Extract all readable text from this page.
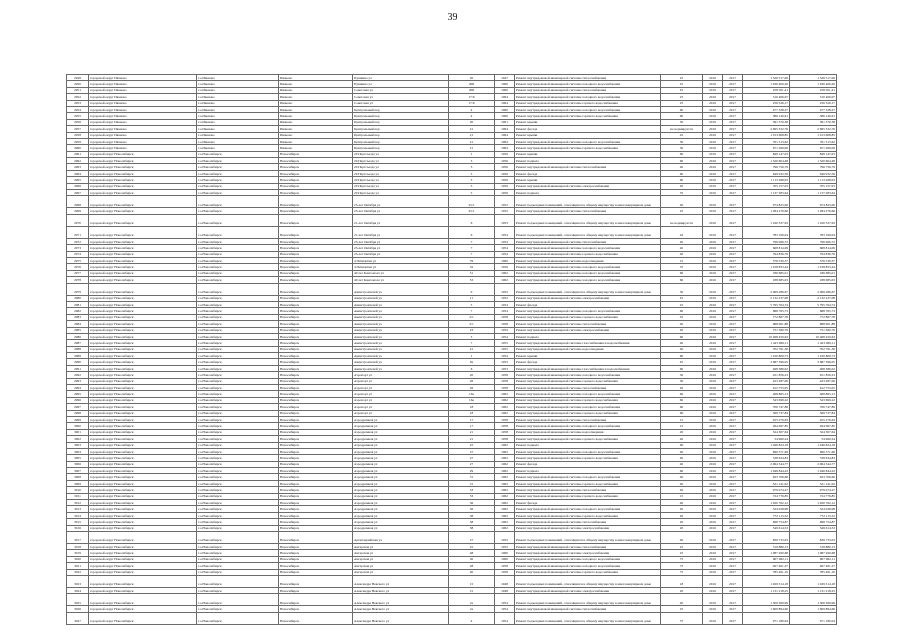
39
2949	городской округ Иваново	г.о.Иваново	Иваново	Пушкина ул	20	1947	Ремонт внутридомовой инженерной системы теплоснабжения	25	2016	2017	1 526 517,06	1 526 517,06
2950	городской округ Иваново	г.о.Иваново	Иваново	Пушкина ул	20Б	1960	Ремонт внутридомовой инженерной системы холодного водоснабжения	25	2016	2017	1 636 406,26	1 636 406,26
2951	городской округ Иваново	г.о.Иваново	Иваново	Советская ул	20Б	1960	Ремонт внутридомовой инженерной системы теплоснабжения	25	2016	2017	258 501,41	258 501,41
2952	городской округ Иваново	г.о.Иваново	Иваново	Советская ул	17/6	1964	Ремонт внутридомовой инженерной системы холодного водоснабжения	25	2016	2017	310 406,07	310 406,07
2953	городской округ Иваново	г.о.Иваново	Иваново	Советская ул	17/6	1964	Ремонт внутридомовой инженерной системы горячего водоснабжения	25	2016	2017	256 526,17	256 526,17
2954	городской округ Иваново	г.о.Иваново	Иваново	Центральный пер	4	1960	Ремонт внутридомовой инженерной системы холодного водоснабжения	60	2016	2017	477 328,27	477 328,27
2955	городской округ Иваново	г.о.Иваново	Иваново	Центральный пер	4	1960	Ремонт внутридомовой инженерной системы горячего водоснабжения	60	2016	2017	386 140,61	386 140,61
2956	городской округ Иваново	г.о.Иваново	Иваново	Центральный пер	20	1961	Ремонт крыши	50	2016	2017	391 370,38	391 370,38
2957	городской округ Иваново	г.о.Иваново	Иваново	Центральный пер	21	1964	Ремонт фасада	не нормируется	2016	2017	2 695 332,76	2 695 332,76
2958	городской округ Иваново	г.о.Иваново	Иваново	Центральный пер	21	1964	Ремонт крыши	45	2016	2017	1 013 608,85	1 013 608,85
2959	городской округ Иваново	г.о.Иваново	Иваново	Центральный пер	21	1964	Ремонт внутридомовой инженерной системы холодного водоснабжения	50	2016	2017	761 313,62	761 313,62
2960	городской округ Иваново	г.о.Иваново	Иваново	Центральный пер	21	1964	Ремонт внутридомовой инженерной системы горячего водоснабжения	50	2016	2017	671 269,09	671 269,09
2961	городской округ Новосибирск	г.о.Новосибирск	Новосибирск	20 Партсъезда ул	1	1956	Ремонт крыши	60	2016	2017	849 147,03	849 147,03
2962	городской округ Новосибирск	г.о.Новосибирск	Новосибирск	20 Партсъезда ул	3	1956	Ремонт подвала	60	2016	2017	1 320 604,48	1 320 604,48
2963	городской округ Новосибирск	г.о.Новосибирск	Новосибирск	20 Партсъезда ул	3	1956	Ремонт внутридомовой инженерной системы теплоснабжения	40	2016	2017	796 756,79	796 756,79
2964	городской округ Новосибирск	г.о.Новосибирск	Новосибирск	20 Партсъезда ул	3	1956	Ремонт фасада	60	2016	2017	649 932,59	649 932,59
2965	городской округ Новосибирск	г.о.Новосибирск	Новосибирск	20 Партсъезда ул	3	1956	Ремонт крыши	60	2016	2017	1 113 268,03	1 113 268,03
2966	городской округ Новосибирск	г.о.Новосибирск	Новосибирск	20 Партсъезда ул	5	1956	Ремонт внутридомовой инженерной системы электроснабжения	20	2016	2017	705 157,03	705 157,03
2967	городской округ Новосибирск	г.о.Новосибирск	Новосибирск	20 Партсъезда ул	5	1956	Ремонт подвала	70	2016	2017	1 137 283,64	1 137 283,64
2968	городской округ Новосибирск	г.о.Новосибирск	Новосибирск	25-лет Октября ул	25/1	1952	Ремонт подъездных помещений, относящихся к общему имуществу в многоквартирном доме	40	2016	2017	974 823,06	974 823,06
2969	городской округ Новосибирск	г.о.Новосибирск	Новосибирск	25-лет Октября ул	25/1	1952	Ремонт внутридомовой инженерной системы теплоснабжения	25	2016	2017	1 284 276,66	1 284 276,66
2970	городской округ Новосибирск	г.о.Новосибирск	Новосибирск	21-лет Октября ул	6	1953	Ремонт подъездных помещений, относящихся к общему имуществу в многоквартирном доме	не нормируется	2016	2017	1 160 337,63	1 160 337,63
2971	городской округ Новосибирск	г.о.Новосибирск	Новосибирск	21-лет Октября ул	6	1954	Ремонт подъездных помещений, относящихся к общему имуществу в многоквартирном доме	42	2016	2017	783 169,04	783 169,04
2972	городской округ Новосибирск	г.о.Новосибирск	Новосибирск	25-лет Октября ул	7	1954	Ремонт внутридомовой инженерной системы теплоснабжения	40	2016	2017	796 066,72	796 066,72
2973	городской округ Новосибирск	г.о.Новосибирск	Новосибирск	25-лет Октября ул	7	1954	Ремонт внутридомовой инженерной системы холодного водоснабжения	40	2016	2017	668 814,09	668 814,09
2974	городской округ Новосибирск	г.о.Новосибирск	Новосибирск	25-лет Октября ул	7	1954	Ремонт внутридомовой инженерной системы горячего водоснабжения	40	2016	2017	794 836,76	794 836,76
2975	городской округ Новосибирск	г.о.Новосибирск	Новосибирск	4 Пятилетки ул	76	1960	Ремонт внутридомовой инженерной системы водоотведения	15	2016	2017	576 530,37	576 530,37
2976	городской округ Новосибирск	г.о.Новосибирск	Новосибирск	4 Пятилетки ул	32	1956	Ремонт внутридомовой инженерной системы холодного водоснабжения	70	2016	2017	1 018 853,44	1 018 853,44
2977	городской округ Новосибирск	г.о.Новосибирск	Новосибирск	40 лет Комсомола ул	51	1962	Ремонт внутридомовой инженерной системы холодного водоснабжения	60	2016	2017	186 685,01	186 685,01
2978	городской округ Новосибирск	г.о.Новосибирск	Новосибирск	40 лет Комсомола ул	53	1962	Ремонт внутридомовой инженерной системы холодного водоснабжения	60	2016	2017	188 685,03	188 685,03
2979	городской округ Новосибирск	г.о.Новосибирск	Новосибирск	Авиастроителей ул	9	1952	Ремонт подъездных помещений, относящихся к общему имуществу в многоквартирном доме	50	2016	2017	2 069 286,67	2 069 286,67
2980	городской округ Новосибирск	г.о.Новосибирск	Новосибирск	Авиастроителей ул	11	1952	Ремонт внутридомовой инженерной системы электроснабжения	25	2016	2017	2 132 237,08	2 132 237,08
2981	городской округ Новосибирск	г.о.Новосибирск	Новосибирск	Авиастроителей ул	5	1954	Ремонт фасада	25	2016	2017	5 795 764,74	5 795 764,74
2982	городской округ Новосибирск	г.о.Новосибирск	Новосибирск	Авиастроителей ул	7	1954	Ремонт внутридомовой инженерной системы холодного водоснабжения	60	2016	2017	688 765,73	688 765,73
2983	городской округ Новосибирск	г.о.Новосибирск	Новосибирск	Авиастроителей ул	2/1	1958	Ремонт внутридомовой инженерной системы горячего водоснабжения	45	2016	2017	772 867,78	772 867,78
2984	городской округ Новосибирск	г.о.Новосибирск	Новосибирск	Авиастроителей ул	2/1	1958	Ремонт внутридомовой инженерной системы теплоснабжения	40	2016	2017	688 901,88	688 901,88
2985	городской округ Новосибирск	г.о.Новосибирск	Новосибирск	Авиастроителей ул	23	1954	Ремонт внутридомовой инженерной системы электроснабжения	20	2016	2017	751 360,79	751 360,79
2986	городской округ Новосибирск	г.о.Новосибирск	Новосибирск	Авиастроителей ул	3	1954	Ремонт подвала	60	2016	2017	10 468 450,63	10 468 450,63
2987	городской округ Новосибирск	г.о.Новосибирск	Новосибирск	Авиастроителей ул	7	1955	Ремонт внутридомовой инженерной системы газоснабжения и водоснабжения	40	2016	2017	1 423 069,11	1 423 069,11
2988	городской округ Новосибирск	г.о.Новосибирск	Новосибирск	Авиастроителей ул	21	1955	Ремонт внутридомовой инженерной системы водоотведения	40	2016	2017	702 791,36	702 791,36
2989	городской округ Новосибирск	г.о.Новосибирск	Новосибирск	Авиастроителей ул	1	1954	Ремонт крыши	60	2016	2017	1 220 809,73	1 220 809,73
2990	городской округ Новосибирск	г.о.Новосибирск	Новосибирск	Авиастроителей ул	6а	1953	Ремонт фасада	45	2016	2017	3 687 396,05	3 687 396,05
2991	городской округ Новосибирск	г.о.Новосибирск	Новосибирск	Авиастроителей ул	6	1953	Ремонт внутридомовой инженерной системы газоснабжения и водоснабжения	60	2016	2017	468 386,02	468 386,02
2992	городской округ Новосибирск	г.о.Новосибирск	Новосибирск	Аэропорт ул	20	1958	Ремонт внутридомовой инженерной системы холодного водоснабжения	30	2016	2017	451 856,23	451 856,23
2993	городской округ Новосибирск	г.о.Новосибирск	Новосибирск	Аэропорт ул	26	1958	Ремонт внутридомовой инженерной системы горячего водоснабжения	30	2016	2017	423 287,06	423 287,06
2994	городской округ Новосибирск	г.о.Новосибирск	Новосибирск	Аэропорт ул	26	1958	Ремонт внутридомовой инженерной системы теплоснабжения	20	2016	2017	612 753,05	612 753,05
2995	городской округ Новосибирск	г.о.Новосибирск	Новосибирск	Аэропорт ул	16а	1962	Ремонт внутридомовой инженерной системы холодного водоснабжения	60	2016	2017	468 865,13	468 865,13
2996	городской округ Новосибирск	г.о.Новосибирск	Новосибирск	Аэропорт ул	16а	1962	Ремонт внутридомовой инженерной системы горячего водоснабжения	60	2016	2017	543 699,22	543 699,22
2997	городской округ Новосибирск	г.о.Новосибирск	Новосибирск	Аэропорт ул	18	1962	Ремонт внутридомовой инженерной системы холодного водоснабжения	60	2016	2017	706 747,89	706 747,89
2998	городской округ Новосибирск	г.о.Новосибирск	Новосибирск	Аэропорт ул	18	1962	Ремонт внутридомовой инженерной системы горячего водоснабжения	60	2016	2017	569 737,84	569 737,84
2999	городской округ Новосибирск	г.о.Новосибирск	Новосибирск	Аэродромная ул	17	1958	Ремонт внутридомовой инженерной системы теплоснабжения	15	2016	2017	455 276,63	455 276,63
3000	городской округ Новосибирск	г.о.Новосибирск	Новосибирск	Аэродромная ул	17	1958	Ремонт внутридомовой инженерной системы холодного водоснабжения	15	2016	2017	264 067,85	264 067,85
3001	городской округ Новосибирск	г.о.Новосибирск	Новосибирск	Аэродромная ул	21	1958	Ремонт внутридомовой инженерной системы водоотведения	20	2016	2017	324 307,64	324 307,64
3002	городской округ Новосибирск	г.о.Новосибирск	Новосибирск	Аэродромная ул	21	1958	Ремонт внутридомовой инженерной системы горячего водоснабжения	40	2016	2017	54 960,24	54 960,24
3003	городской округ Новосибирск	г.о.Новосибирск	Новосибирск	Аэродромная ул	25	1962	Ремонт подвала	60	2016	2017	1 046 824,18	1 046 824,18
3004	городской округ Новосибирск	г.о.Новосибирск	Новосибирск	Аэродромная ул	27	1962	Ремонт внутридомовой инженерной системы холодного водоснабжения	40	2016	2017	690 571,69	690 571,69
3005	городской округ Новосибирск	г.о.Новосибирск	Новосибирск	Аэродромная ул	27	1962	Ремонт внутридомовой инженерной системы горячего водоснабжения	40	2016	2017	538 634,83	538 634,83
3006	городской округ Новосибирск	г.о.Новосибирск	Новосибирск	Аэродромная ул	27	1962	Ремонт фасада	40	2016	2017	2 064 544,77	2 064 544,77
3007	городской округ Новосибирск	г.о.Новосибирск	Новосибирск	Аэродромная ул	29	1962	Ремонт подвала	60	2016	2017	1 046 844,22	1 046 844,22
3008	городской округ Новосибирск	г.о.Новосибирск	Новосибирск	Аэродромная ул	31	1962	Ремонт внутридомовой инженерной системы холодного водоснабжения	40	2016	2017	623 706,66	623 706,66
3009	городской округ Новосибирск	г.о.Новосибирск	Новосибирск	Аэродромная ул	31	1962	Ремонт внутридомовой инженерной системы горячего водоснабжения	40	2016	2017	521 141,02	521 141,02
3010	городской округ Новосибирск	г.о.Новосибирск	Новосибирск	Аэродромная ул	33	1962	Ремонт внутридомовой инженерной системы теплоснабжения	40	2016	2017	979 074,27	979 074,27
3011	городской округ Новосибирск	г.о.Новосибирск	Новосибирск	Аэродромная ул	33	1962	Ремонт внутридомовой инженерной системы горячего водоснабжения	15	2016	2017	724 776,85	724 776,85
3012	городской округ Новосибирск	г.о.Новосибирск	Новосибирск	Аэродромная ул	36	1962	Ремонт фасада	40	2016	2017	1 020 762,12	1 020 762,12
3013	городской округ Новосибирск	г.о.Новосибирск	Новосибирск	Аэродромная ул	36	1962	Ремонт внутридомовой инженерной системы холодного водоснабжения	20	2016	2017	324 028,98	324 028,98
3014	городской округ Новосибирск	г.о.Новосибирск	Новосибирск	Аэродромная ул	38	1962	Ремонт внутридомовой инженерной системы горячего водоснабжения	20	2016	2017	772 115,52	772 115,52
3015	городской округ Новосибирск	г.о.Новосибирск	Новосибирск	Аэродромная ул	38	1962	Ремонт внутридомовой инженерной системы теплоснабжения	20	2016	2017	698 754,87	698 754,87
3016	городской округ Новосибирск	г.о.Новосибирск	Новосибирск	Аэродромная ул	38	1962	Ремонт внутридомовой инженерной системы электроснабжения	20	2016	2017	549 614,53	549 614,53
3017	городской округ Новосибирск	г.о.Новосибирск	Новосибирск	Артиллерийская ул	27	1952	Ремонт подъездных помещений, относящихся к общему имуществу в многоквартирном доме	40	2016	2017	839 733,03	839 733,03
3018	городской округ Новосибирск	г.о.Новосибирск	Новосибирск	Ангарская ул	25	1952	Ремонт внутридомовой инженерной системы теплоснабжения	25	2016	2017	319 880,13	319 880,13
3019	городской округ Новосибирск	г.о.Новосибирск	Новосибирск	Ангарская ул	48	1960	Ремонт внутридомовой инженерной системы электроснабжения	25	2016	2017	1 087 260,68	1 087 260,68
3020	городской округ Новосибирск	г.о.Новосибирск	Новосибирск	Ангарская ул	50	1960	Ремонт внутридомовой инженерной системы холодного водоснабжения	75	2016	2017	907 962,11	907 962,11
3021	городской округ Новосибирск	г.о.Новосибирск	Новосибирск	Ангарская ул	28	1958	Ремонт внутридомовой инженерной системы холодного водоснабжения	75	2016	2017	467 461,27	467 461,27
3022	городской округ Новосибирск	г.о.Новосибирск	Новосибирск	Ангарская ул	40	1958	Ремонт внутридомовой инженерной системы горячего водоснабжения	75	2016	2017	785 491,10	785 491,10
3023	городской округ Новосибирск	г.о.Новосибирск	Новосибирск	Александра Невского ул	15	1948	Ремонт подъездных помещений, относящихся к общему имуществу в многоквартирном доме	18	2016	2017	1 029 314,18	1 029 314,18
3024	городской округ Новосибирск	г.о.Новосибирск	Новосибирск	Александра Невского ул	15	1948	Ремонт внутридомовой инженерной системы электроснабжения	20	2016	2017	1 131 218,25	1 131 218,25
3025	городской округ Новосибирск	г.о.Новосибирск	Новосибирск	Александра Невского ул	2а	1954	Ремонт подъездных помещений, относящихся к общему имуществу в многоквартирном доме	40	2016	2017	1 306 369,99	1 306 369,99
3026	городской округ Новосибирск	г.о.Новосибирск	Новосибирск	Александра Невского ул	2а	1954	Ремонт внутридомовой инженерной системы теплоснабжения	25	2016	2017	1 609 894,66	1 609 894,66
3027	городской округ Новосибирск	г.о.Новосибирск	Новосибирск	Александра Невского ул	4	1954	Ремонт подъездных помещений, относящихся к общему имуществу в многоквартирном доме	37	2016	2017	971 180,04	971 180,04
